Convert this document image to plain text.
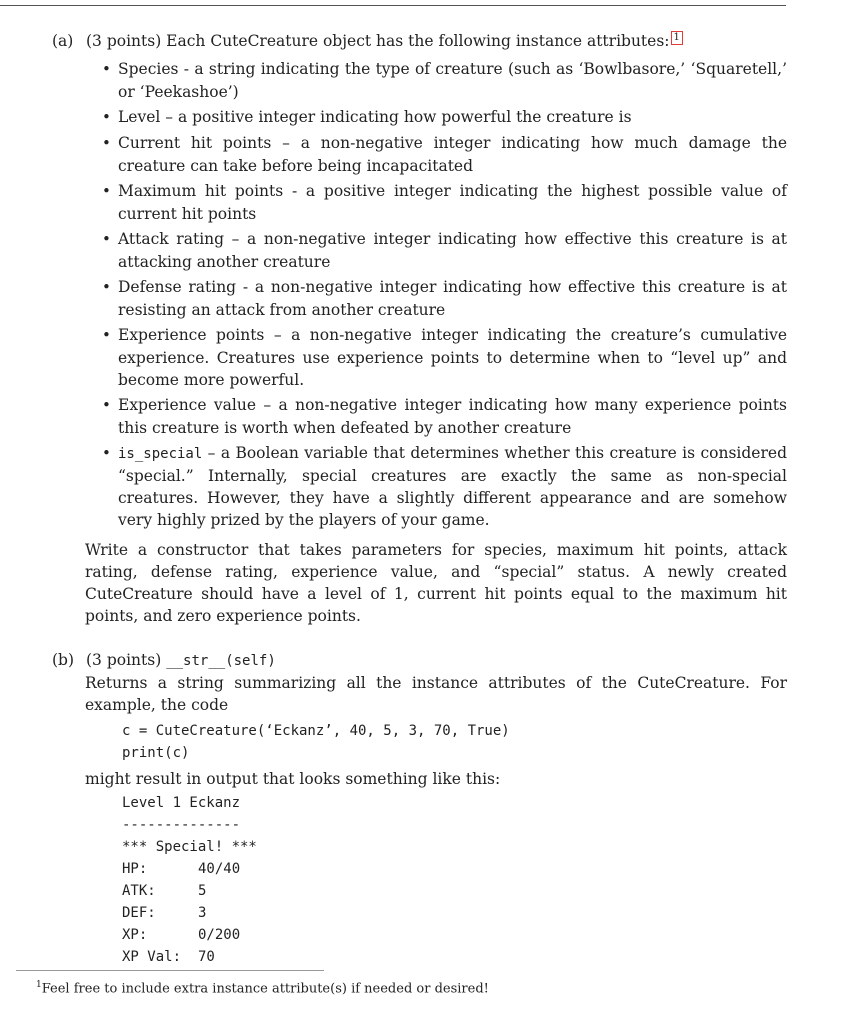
(a) (3 points) Each CuteCreature object has the following instance attributes: 1
• Species - a string indicating the type of creature (such as ‘Bowlbasore,’ ‘Squaretell,’ or ‘Peekashoe’)
• Level – a positive integer indicating how powerful the creature is
• Current hit points – a non-negative integer indicating how much damage the creature can take before being incapacitated
• Maximum hit points - a positive integer indicating the highest possible value of current hit points
• Attack rating – a non-negative integer indicating how effective this creature is at attacking another creature
• Defense rating - a non-negative integer indicating how effective this creature is at resisting an attack from another creature
• Experience points – a non-negative integer indicating the creature’s cumulative experience. Creatures use experience points to determine when to “level up” and become more powerful.
• Experience value – a non-negative integer indicating how many experience points this creature is worth when defeated by another creature
• is_special – a Boolean variable that determines whether this creature is considered “special.” Internally, special creatures are exactly the same as non-special creatures. However, they have a slightly different appearance and are somehow very highly prized by the players of your game.

Write a constructor that takes parameters for species, maximum hit points, attack rating, defense rating, experience value, and “special” status. A newly created CuteCreature should have a level of 1, current hit points equal to the maximum hit points, and zero experience points.

(b) (3 points) __str__(self)

Returns a string summarizing all the instance attributes of the CuteCreature. For example, the code

c = CuteCreature(‘Eckanz’, 40, 5, 3, 70, True)
print(c)

might result in output that looks something like this:

Level 1 Eckanz
--------------
*** Special! ***
HP:	40/40
ATK:	5
DEF:	3
XP:	0/200
XP Val:	70
$^1$Feel free to include extra instance attribute(s) if needed or desired!
